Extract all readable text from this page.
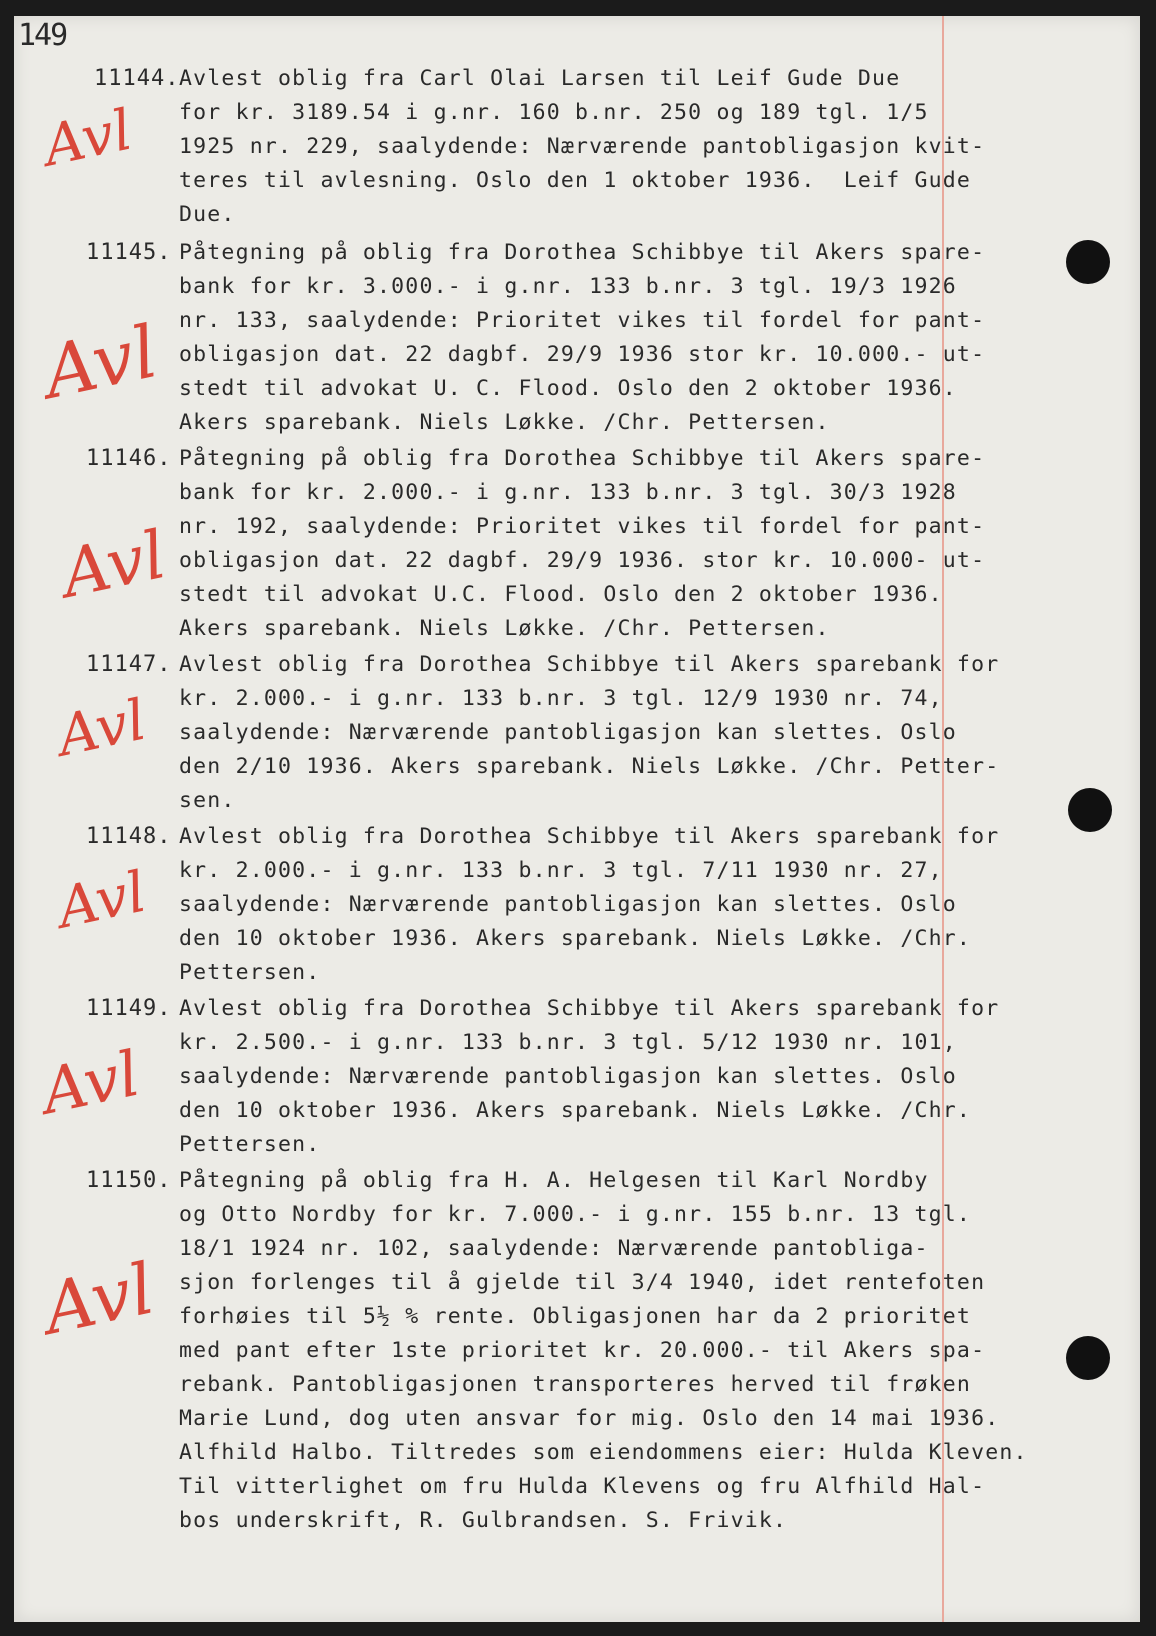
149
11144.
Avl
Avlest oblig fra Carl Olai Larsen til Leif Gude Due
for kr. 3189.54 i g.nr. 160 b.nr. 250 og 189 tgl. 1/5
1925 nr. 229, saalydende: Nærværende pantobligasjon kvit-
teres til avlesning. Oslo den 1 oktober 1936.  Leif Gude
Due.
11145.
Avl
Påtegning på oblig fra Dorothea Schibbye til Akers spare-
bank for kr. 3.000.- i g.nr. 133 b.nr. 3 tgl. 19/3 1926
nr. 133, saalydende: Prioritet vikes til fordel for pant-
obligasjon dat. 22 dagbf. 29/9 1936 stor kr. 10.000.- ut-
stedt til advokat U. C. Flood. Oslo den 2 oktober 1936.
Akers sparebank. Niels Løkke. /Chr. Pettersen.
11146.
Avl
Påtegning på oblig fra Dorothea Schibbye til Akers spare-
bank for kr. 2.000.- i g.nr. 133 b.nr. 3 tgl. 30/3 1928
nr. 192, saalydende: Prioritet vikes til fordel for pant-
obligasjon dat. 22 dagbf. 29/9 1936. stor kr. 10.000- ut-
stedt til advokat U.C. Flood. Oslo den 2 oktober 1936.
Akers sparebank. Niels Løkke. /Chr. Pettersen.
11147.
Avl
Avlest oblig fra Dorothea Schibbye til Akers sparebank for
kr. 2.000.- i g.nr. 133 b.nr. 3 tgl. 12/9 1930 nr. 74,
saalydende: Nærværende pantobligasjon kan slettes. Oslo
den 2/10 1936. Akers sparebank. Niels Løkke. /Chr. Petter-
sen.
11148.
Avl
Avlest oblig fra Dorothea Schibbye til Akers sparebank for
kr. 2.000.- i g.nr. 133 b.nr. 3 tgl. 7/11 1930 nr. 27,
saalydende: Nærværende pantobligasjon kan slettes. Oslo
den 10 oktober 1936. Akers sparebank. Niels Løkke. /Chr.
Pettersen.
11149.
Avl
Avlest oblig fra Dorothea Schibbye til Akers sparebank for
kr. 2.500.- i g.nr. 133 b.nr. 3 tgl. 5/12 1930 nr. 101,
saalydende: Nærværende pantobligasjon kan slettes. Oslo
den 10 oktober 1936. Akers sparebank. Niels Løkke. /Chr.
Pettersen.
11150.
Avl
Påtegning på oblig fra H. A. Helgesen til Karl Nordby
og Otto Nordby for kr. 7.000.- i g.nr. 155 b.nr. 13 tgl.
18/1 1924 nr. 102, saalydende: Nærværende pantobliga-
sjon forlenges til å gjelde til 3/4 1940, idet rentefoten
forhøies til 5½ % rente. Obligasjonen har da 2 prioritet
med pant efter 1ste prioritet kr. 20.000.- til Akers spa-
rebank. Pantobligasjonen transporteres herved til frøken
Marie Lund, dog uten ansvar for mig. Oslo den 14 mai 1936.
Alfhild Halbo. Tiltredes som eiendommens eier: Hulda Kleven.
Til vitterlighet om fru Hulda Klevens og fru Alfhild Hal-
bos underskrift, R. Gulbrandsen. S. Frivik.
